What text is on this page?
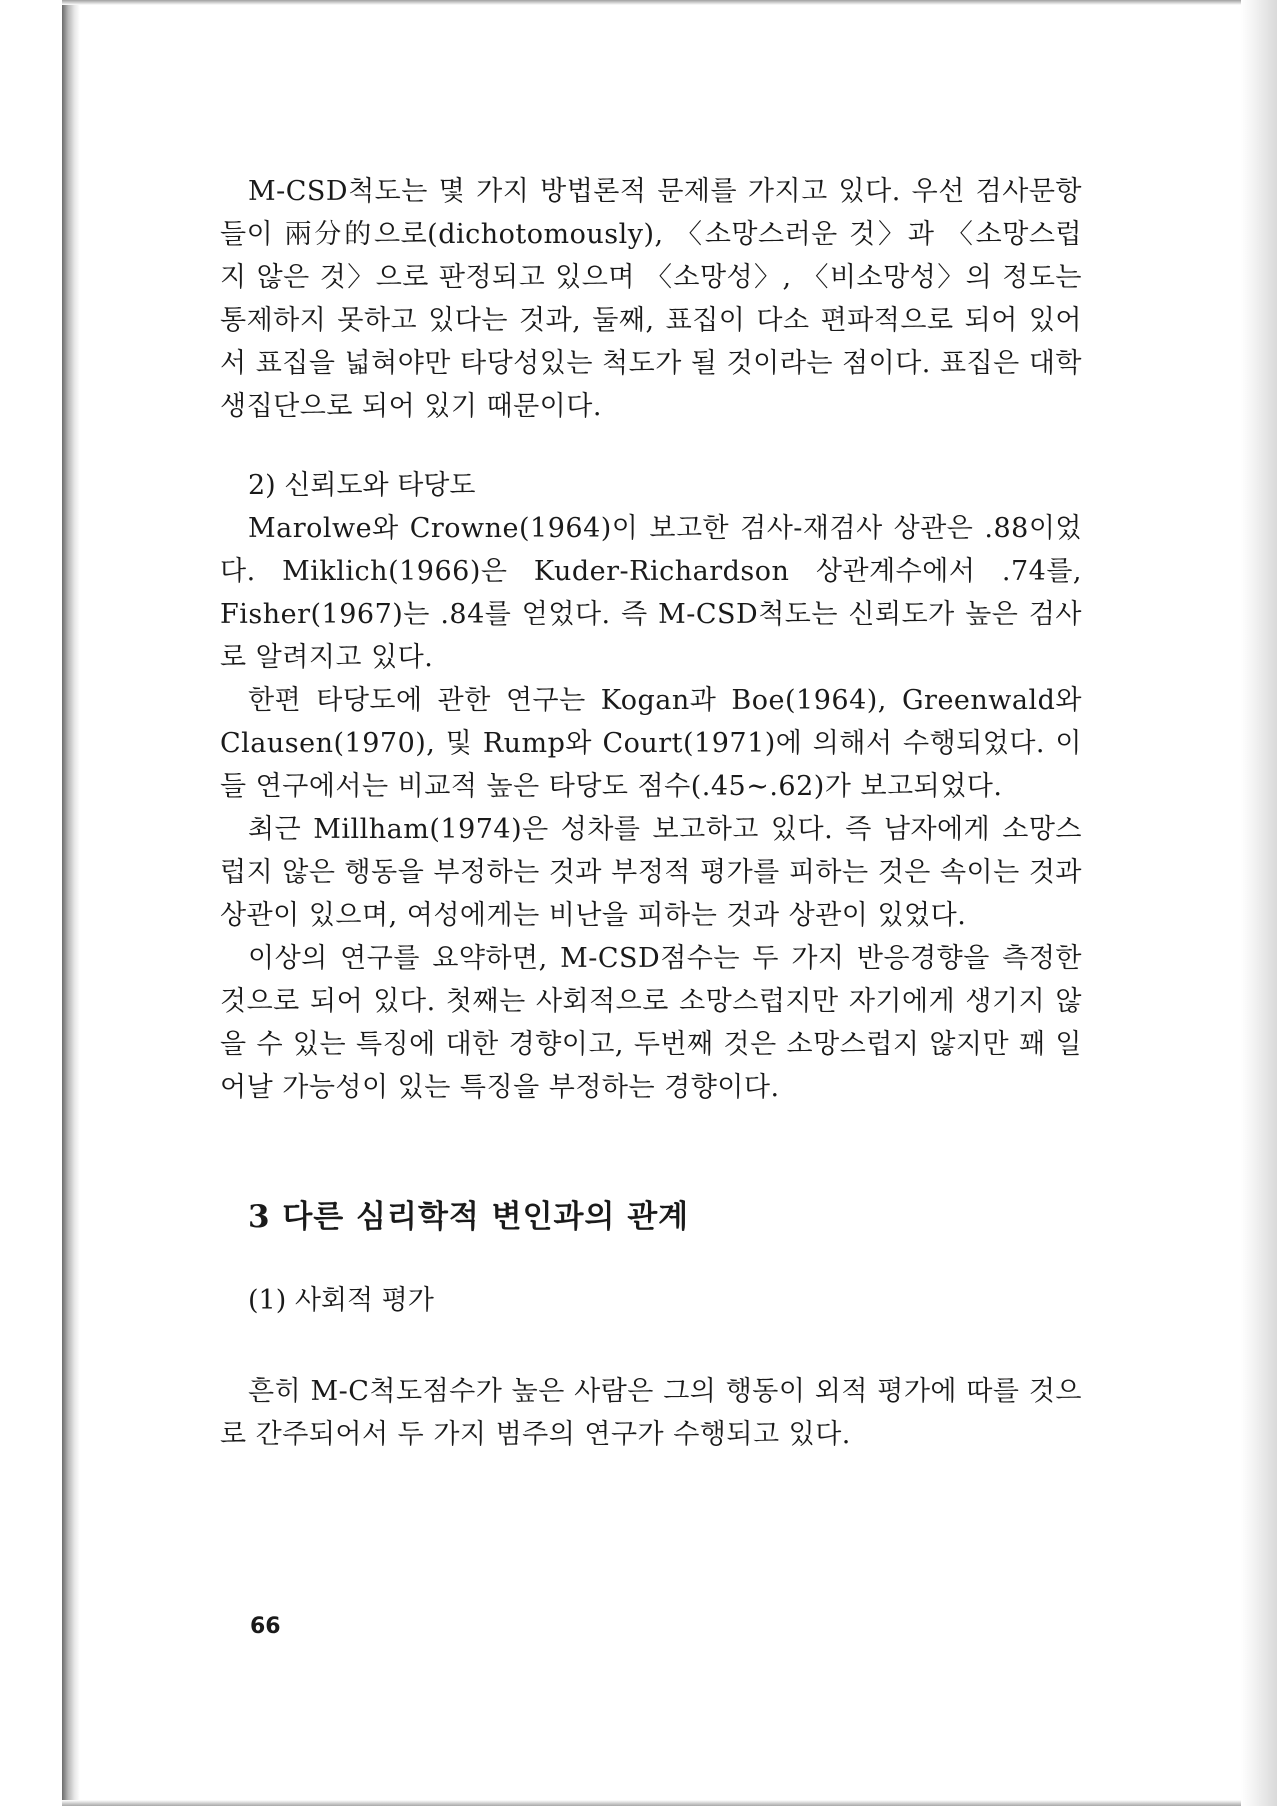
M-CSD척도는 몇 가지 방법론적 문제를 가지고 있다. 우선 검사문항들이 兩分的으로(dichotomously), 〈소망스러운 것〉과 〈소망스럽지 않은 것〉으로 판정되고 있으며 〈소망성〉, 〈비소망성〉의 정도는 통제하지 못하고 있다는 것과, 둘째, 표집이 다소 편파적으로 되어 있어서 표집을 넓혀야만 타당성있는 척도가 될 것이라는 점이다. 표집은 대학생집단으로 되어 있기 때문이다.

2) 신뢰도와 타당도

Marolwe와 Crowne(1964)이 보고한 검사-재검사 상관은 .88이었다. Miklich(1966)은 Kuder-Richardson 상관계수에서 .74를, Fisher(1967)는 .84를 얻었다. 즉 M-CSD척도는 신뢰도가 높은 검사로 알려지고 있다.

한편 타당도에 관한 연구는 Kogan과 Boe(1964), Greenwald와 Clausen(1970), 및 Rump와 Court(1971)에 의해서 수행되었다. 이들 연구에서는 비교적 높은 타당도 점수(.45∼.62)가 보고되었다.

최근 Millham(1974)은 성차를 보고하고 있다. 즉 남자에게 소망스럽지 않은 행동을 부정하는 것과 부정적 평가를 피하는 것은 속이는 것과 상관이 있으며, 여성에게는 비난을 피하는 것과 상관이 있었다.

이상의 연구를 요약하면, M-CSD점수는 두 가지 반응경향을 측정한 것으로 되어 있다. 첫째는 사회적으로 소망스럽지만 자기에게 생기지 않을 수 있는 특징에 대한 경향이고, 두번째 것은 소망스럽지 않지만 꽤 일어날 가능성이 있는 특징을 부정하는 경향이다.

3 다른 심리학적 변인과의 관계

(1) 사회적 평가

흔히 M-C척도점수가 높은 사람은 그의 행동이 외적 평가에 따를 것으로 간주되어서 두 가지 범주의 연구가 수행되고 있다.

66
